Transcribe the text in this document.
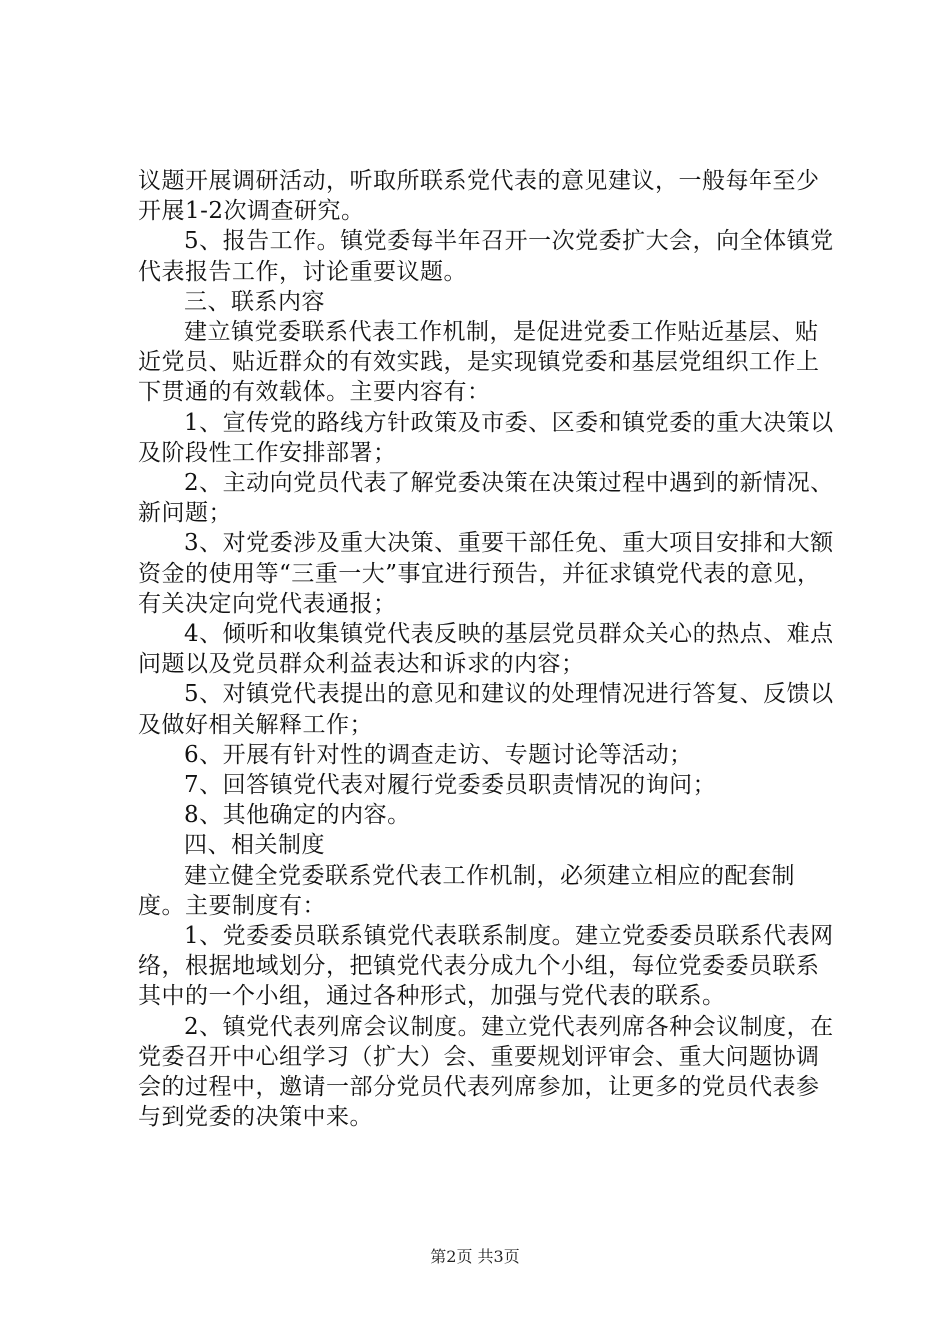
议题开展调研活动，听取所联系党代表的意见建议，一般每年至少开展1-2次调查研究。

5、报告工作。镇党委每半年召开一次党委扩大会，向全体镇党代表报告工作，讨论重要议题。

三、联系内容

建立镇党委联系代表工作机制，是促进党委工作贴近基层、贴近党员、贴近群众的有效实践，是实现镇党委和基层党组织工作上下贯通的有效载体。主要内容有：

1、宣传党的路线方针政策及市委、区委和镇党委的重大决策以及阶段性工作安排部署；

2、主动向党员代表了解党委决策在决策过程中遇到的新情况、新问题；

3、对党委涉及重大决策、重要干部任免、重大项目安排和大额资金的使用等“三重一大”事宜进行预告，并征求镇党代表的意见，有关决定向党代表通报；

4、倾听和收集镇党代表反映的基层党员群众关心的热点、难点问题以及党员群众利益表达和诉求的内容；

5、对镇党代表提出的意见和建议的处理情况进行答复、反馈以及做好相关解释工作；

6、开展有针对性的调查走访、专题讨论等活动；

7、回答镇党代表对履行党委委员职责情况的询问；

8、其他确定的内容。

四、相关制度

建立健全党委联系党代表工作机制，必须建立相应的配套制度。主要制度有：

1、党委委员联系镇党代表联系制度。建立党委委员联系代表网络，根据地域划分，把镇党代表分成九个小组，每位党委委员联系其中的一个小组，通过各种形式，加强与党代表的联系。

2、镇党代表列席会议制度。建立党代表列席各种会议制度，在党委召开中心组学习（扩大）会、重要规划评审会、重大问题协调会的过程中，邀请一部分党员代表列席参加，让更多的党员代表参与到党委的决策中来。

第2页 共3页
